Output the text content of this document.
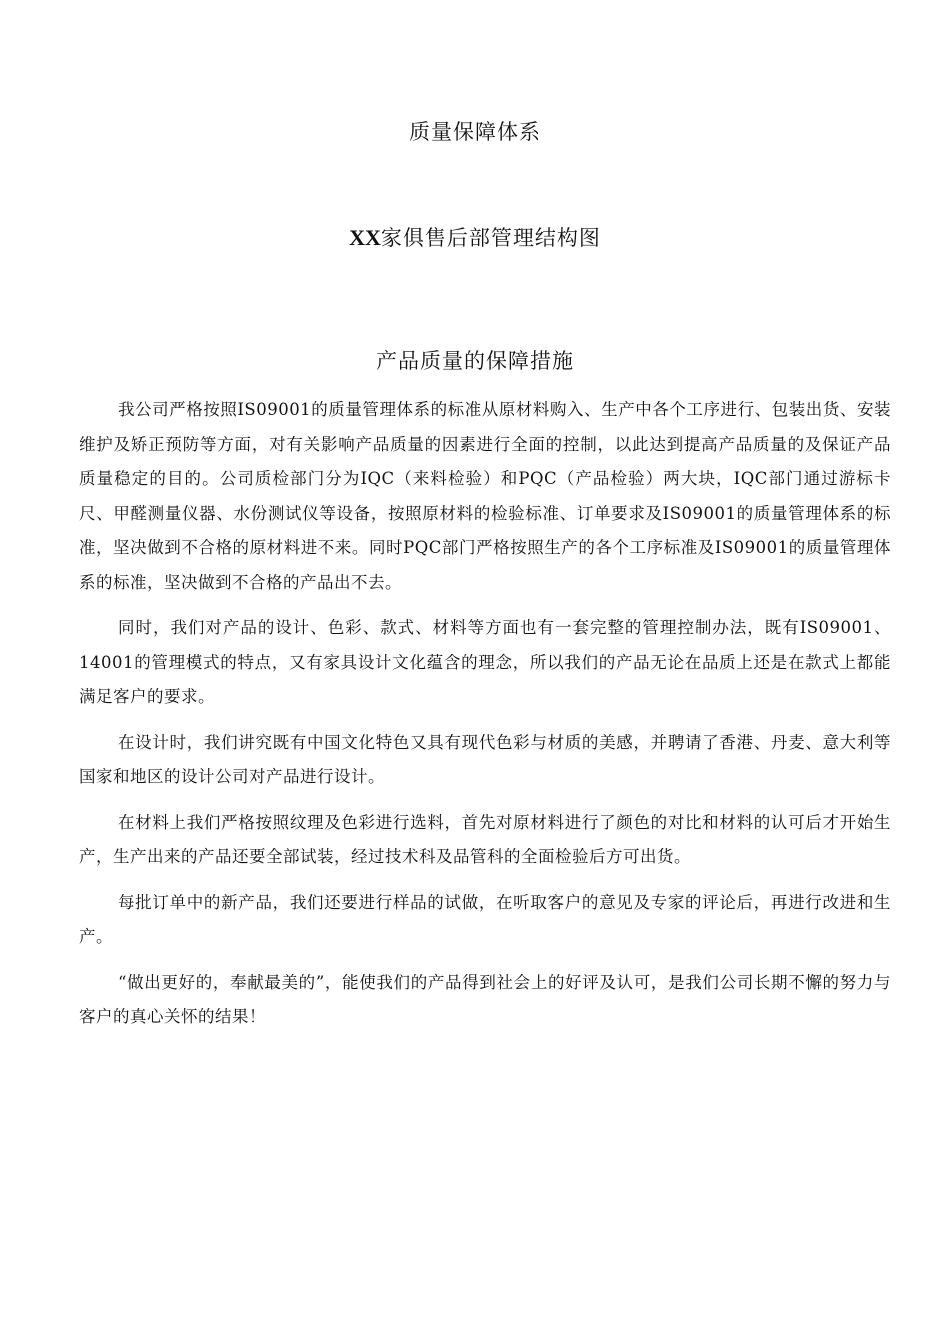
质量保障体系
XX家俱售后部管理结构图
产品质量的保障措施

我公司严格按照IS09001的质量管理体系的标准从原材料购入、生产中各个工序进行、包装出货、安装维护及矫正预防等方面，对有关影响产品质量的因素进行全面的控制，以此达到提高产品质量的及保证产品质量稳定的目的。公司质检部门分为IQC（来料检验）和PQC（产品检验）两大块，IQC部门通过游标卡尺、甲醛测量仪器、水份测试仪等设备，按照原材料的检验标准、订单要求及IS09001的质量管理体系的标准，坚决做到不合格的原材料进不来。同时PQC部门严格按照生产的各个工序标准及IS09001的质量管理体系的标准，坚决做到不合格的产品出不去。

同时，我们对产品的设计、色彩、款式、材料等方面也有一套完整的管理控制办法，既有IS09001、14001的管理模式的特点，又有家具设计文化蕴含的理念，所以我们的产品无论在品质上还是在款式上都能满足客户的要求。

在设计时，我们讲究既有中国文化特色又具有现代色彩与材质的美感，并聘请了香港、丹麦、意大利等国家和地区的设计公司对产品进行设计。

在材料上我们严格按照纹理及色彩进行选料，首先对原材料进行了颜色的对比和材料的认可后才开始生产，生产出来的产品还要全部试装，经过技术科及品管科的全面检验后方可出货。

每批订单中的新产品，我们还要进行样品的试做，在听取客户的意见及专家的评论后，再进行改进和生产。

“做出更好的，奉献最美的”，能使我们的产品得到社会上的好评及认可，是我们公司长期不懈的努力与客户的真心关怀的结果！
